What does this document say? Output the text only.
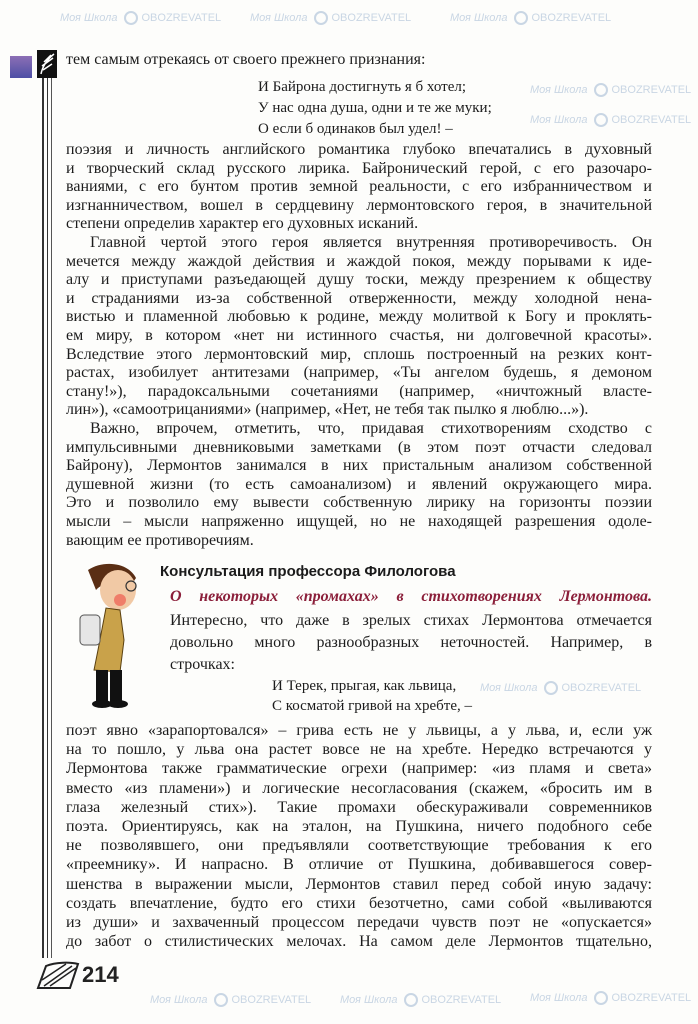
Моя Школа OBOZREVATEL	Моя Школа OBOZREVATEL	Моя Школа OBOZREVATEL
Моя Школа OBOZREVATEL
Моя Школа OBOZREVATEL
Моя Школа OBOZREVATEL
Моя Школа OBOZREVATEL	Моя Школа OBOZREVATEL	Моя Школа OBOZREVATEL
тем самым отрекаясь от своего прежнего признания:
И Байрона достигнуть я б хотел;
У нас одна душа, одни и те же муки;
О если б одинаков был удел! –
поэзия и личность английского романтика глубоко впечатались в духовный
и творческий склад русского лирика. Байронический герой, с его разочаро-
ваниями, с его бунтом против земной реальности, с его избранничеством и
изгнанничеством, вошел в сердцевину лермонтовского героя, в значительной
степени определив характер его духовных исканий.
Главной чертой этого героя является внутренняя противоречивость. Он
мечется между жаждой действия и жаждой покоя, между порывами к иде-
алу и приступами разъедающей душу тоски, между презрением к обществу
и страданиями из-за собственной отверженности, между холодной нена-
вистью и пламенной любовью к родине, между молитвой к Богу и проклять-
ем миру, в котором «нет ни истинного счастья, ни долговечной красоты».
Вследствие этого лермонтовский мир, сплошь построенный на резких конт-
растах, изобилует антитезами (например, «Ты ангелом будешь, я демоном
стану!»), парадоксальными сочетаниями (например, «ничтожный власте-
лин»), «самоотрицаниями» (например, «Нет, не тебя так пылко я люблю...»).
Важно, впрочем, отметить, что, придавая стихотворениям сходство с
импульсивными дневниковыми заметками (в этом поэт отчасти следовал
Байрону), Лермонтов занимался в них пристальным анализом собственной
душевной жизни (то есть самоанализом) и явлений окружающего мира.
Это и позволило ему вывести собственную лирику на горизонты поэзии
мысли – мысли напряженно ищущей, но не находящей разрешения одоле-
вающим ее противоречиям.
поэт явно «зарапортовался» – грива есть не у львицы, а у льва, и, если уж
на то пошло, у льва она растет вовсе не на хребте. Нередко встречаются у
Лермонтова также грамматические огрехи (например: «из пламя и света»
вместо «из пламени») и логические несогласования (скажем, «бросить им в
глаза железный стих»). Такие промахи обескураживали современников
поэта. Ориентируясь, как на эталон, на Пушкина, ничего подобного себе
не позволявшего, они предъявляли соответствующие требования к его
«преемнику». И напрасно. В отличие от Пушкина, добивавшегося совер-
шенства в выражении мысли, Лермонтов ставил перед собой иную задачу:
создать впечатление, будто его стихи безотчетно, сами собой «выливаются
из души» и захваченный процессом передачи чувств поэт не «опускается»
до забот о стилистических мелочах. На самом деле Лермонтов тщательно,
Консультация профессора Филологова
О некоторых «промахах» в стихотворениях Лермонтова.
Интересно, что даже в зрелых стихах Лермонтова отмечается
довольно много разнообразных неточностей. Например, в
строчках:
И Терек, прыгая, как львица,
С косматой гривой на хребте, –
214
